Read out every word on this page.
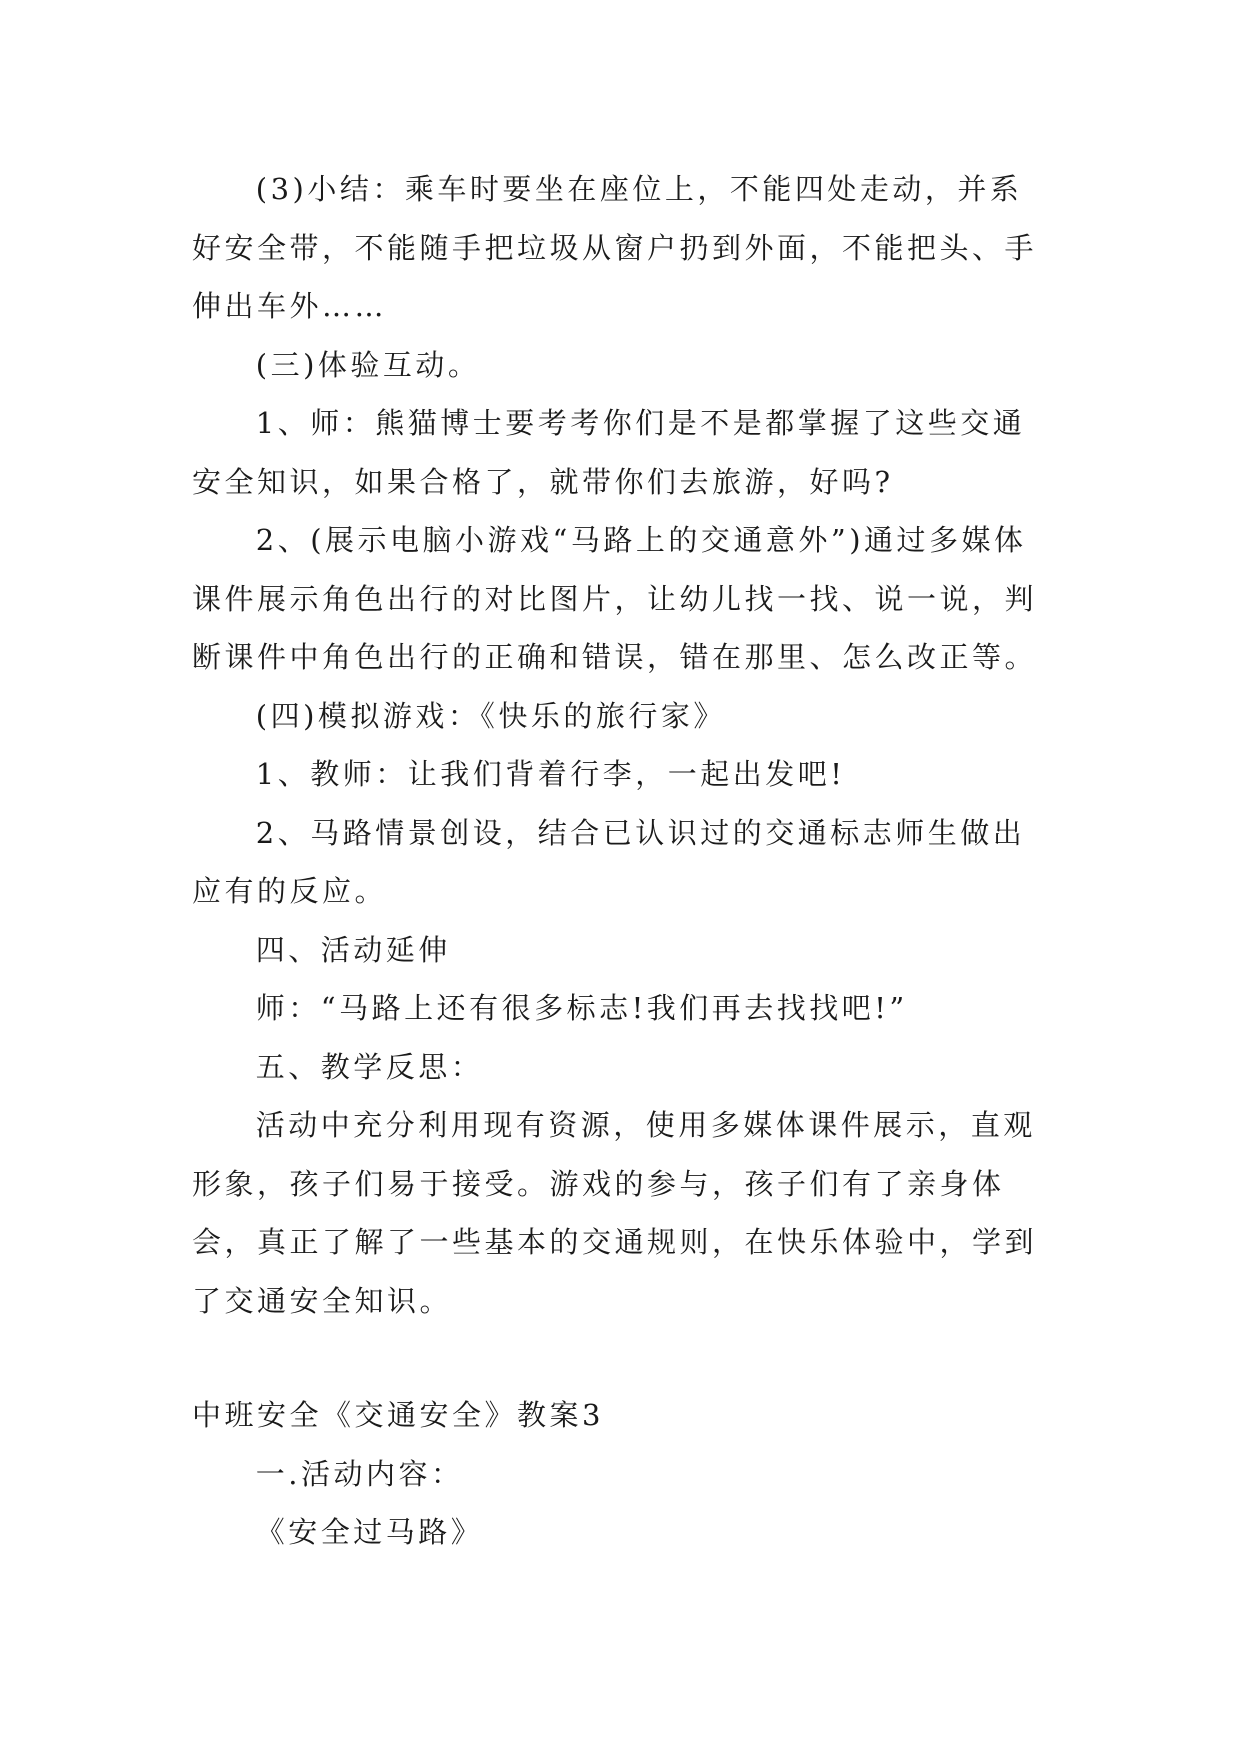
(3)小结：乘车时要坐在座位上，不能四处走动，并系好安全带，不能随手把垃圾从窗户扔到外面，不能把头、手伸出车外……

(三)体验互动。

1、师：熊猫博士要考考你们是不是都掌握了这些交通安全知识，如果合格了，就带你们去旅游，好吗?

2、(展示电脑小游戏“马路上的交通意外”)通过多媒体课件展示角色出行的对比图片，让幼儿找一找、说一说，判断课件中角色出行的正确和错误，错在那里、怎么改正等。

(四)模拟游戏：《快乐的旅行家》

1、教师：让我们背着行李，一起出发吧!

2、马路情景创设，结合已认识过的交通标志师生做出应有的反应。

四、活动延伸

师：“马路上还有很多标志!我们再去找找吧!”

五、教学反思：

活动中充分利用现有资源，使用多媒体课件展示，直观形象，孩子们易于接受。游戏的参与，孩子们有了亲身体会，真正了解了一些基本的交通规则，在快乐体验中，学到了交通安全知识。

中班安全《交通安全》教案3

一.活动内容：

《安全过马路》
